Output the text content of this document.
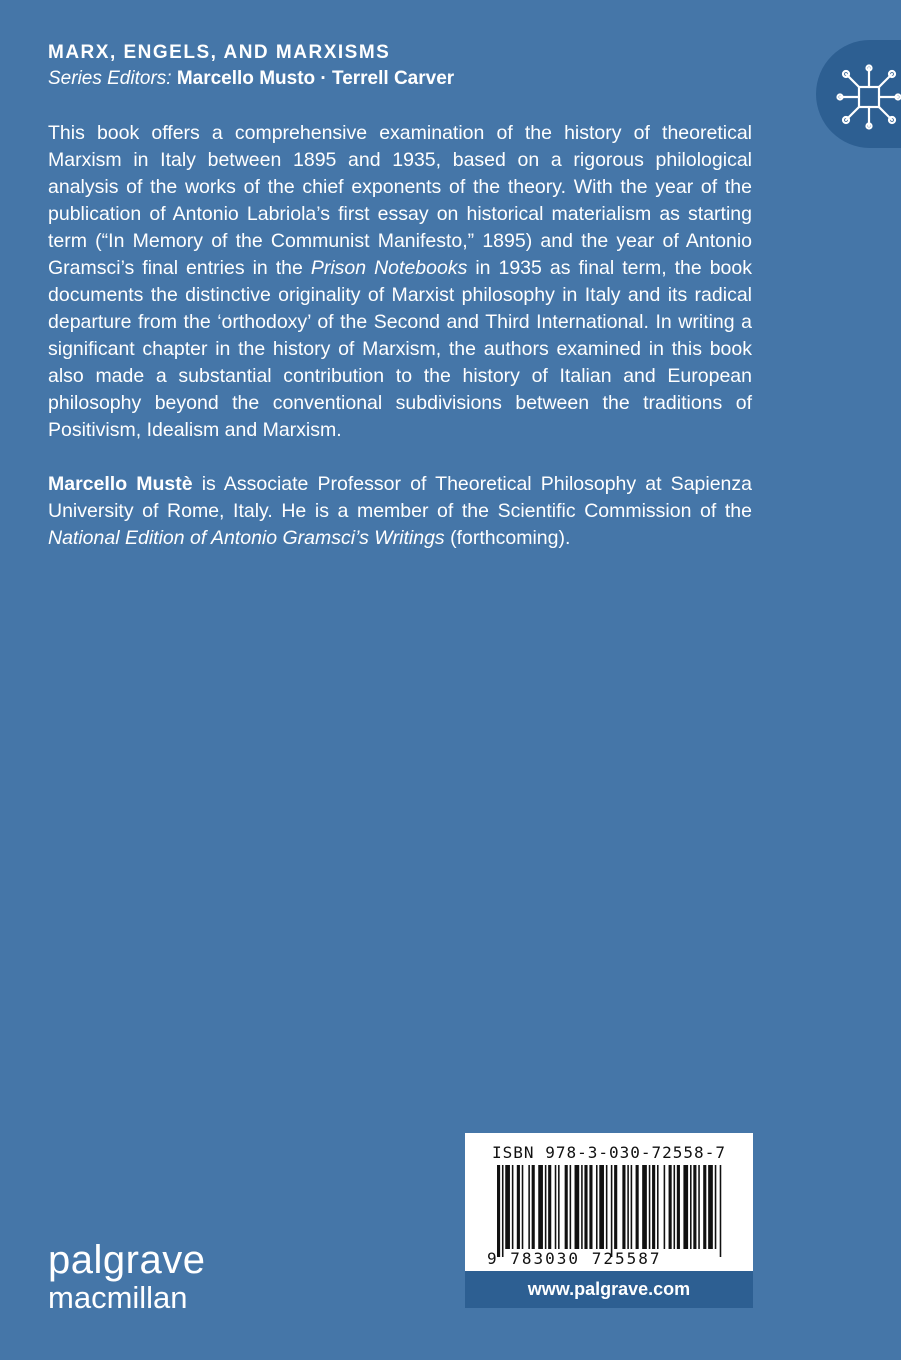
MARX, ENGELS, AND MARXISMS
Series Editors: Marcello Musto · Terrell Carver

This book offers a comprehensive examination of the history of theoretical Marxism in Italy between 1895 and 1935, based on a rigorous philological analysis of the works of the chief exponents of the theory. With the year of the publication of Antonio Labriola’s first essay on historical materialism as starting term (“In Memory of the Communist Manifesto,” 1895) and the year of Antonio Gramsci’s final entries in the Prison Notebooks in 1935 as final term, the book documents the distinctive originality of Marxist philosophy in Italy and its radical departure from the ‘orthodoxy’ of the Second and Third International. In writing a significant chapter in the history of Marxism, the authors examined in this book also made a substantial contribution to the history of Italian and European philosophy beyond the conventional subdivisions between the traditions of Positivism, Idealism and Marxism.

Marcello Mustè is Associate Professor of Theoretical Philosophy at Sapienza University of Rome, Italy. He is a member of the Scientific Commission of the National Edition of Antonio Gramsci’s Writings (forthcoming).

palgrave
macmillan
ISBN 978-3-030-72558-7
9 783030 725587
www.palgrave.com
